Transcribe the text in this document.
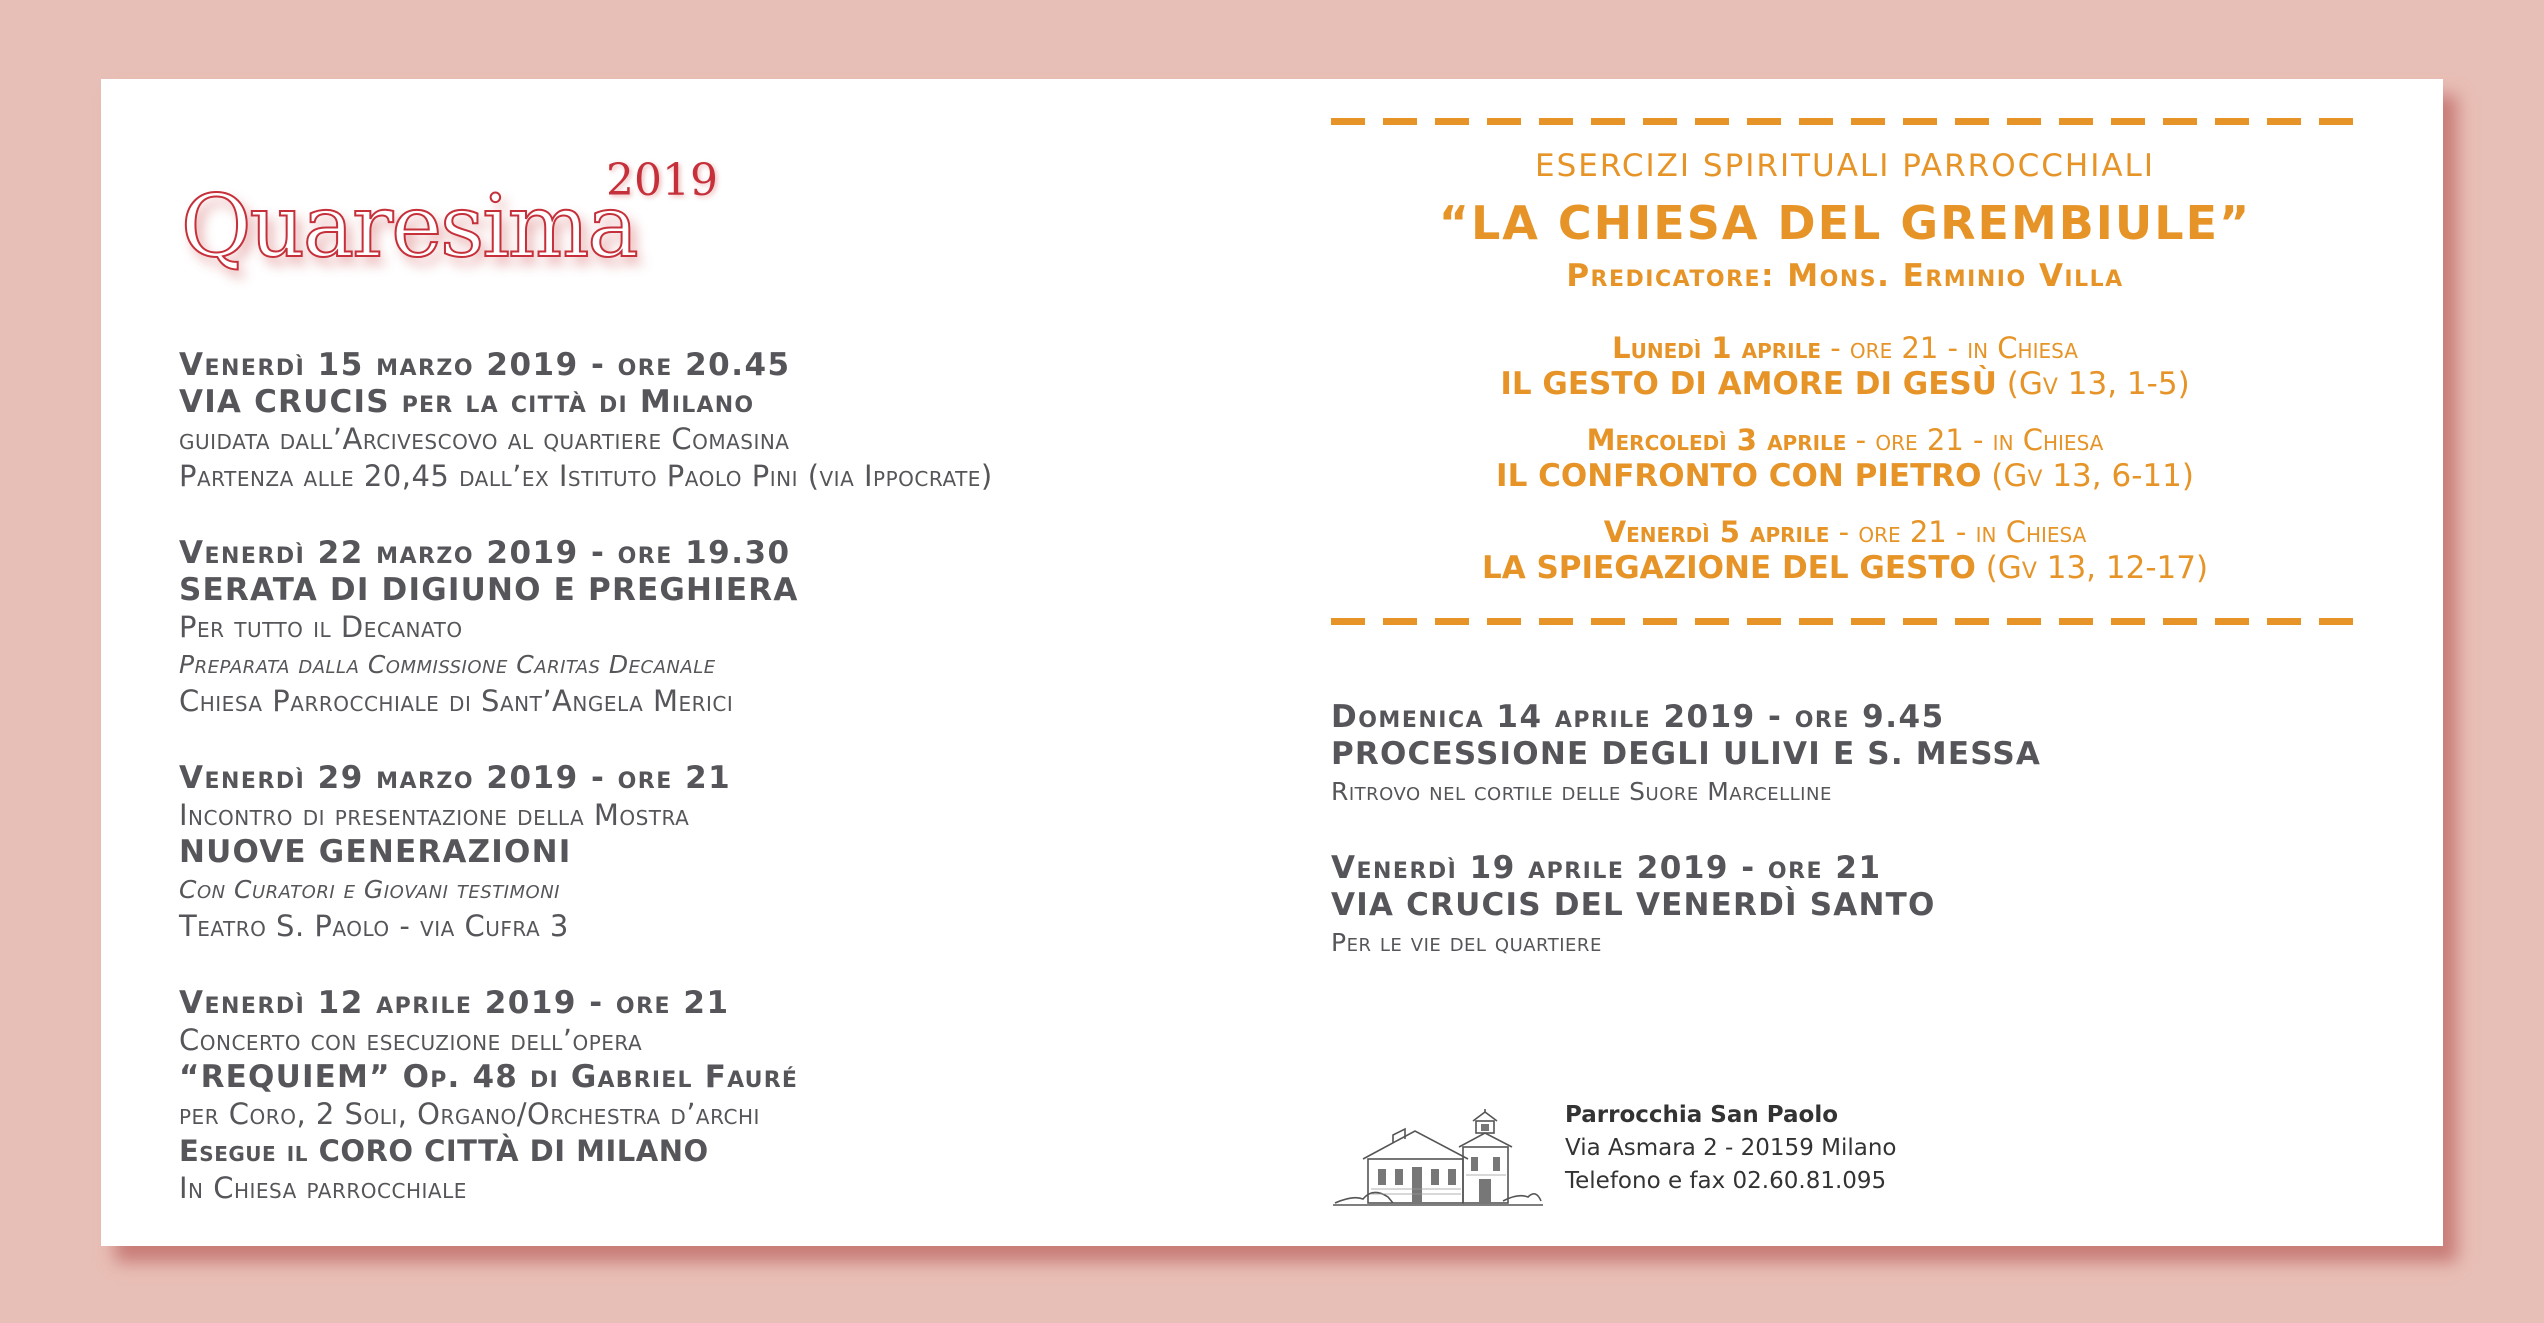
2019
Quaresima
Venerdì 15 marzo 2019 - ore 20.45
VIA CRUCIS per la città di Milano
guidata dall’Arcivescovo al quartiere Comasina
Partenza alle 20,45 dall’ex Istituto Paolo Pini (via Ippocrate)
Venerdì 22 marzo 2019 - ore 19.30
SERATA DI DIGIUNO E PREGHIERA
Per tutto il Decanato
Preparata dalla Commissione Caritas Decanale
Chiesa Parrocchiale di Sant’Angela Merici
Venerdì 29 marzo 2019 - ore 21
Incontro di presentazione della Mostra
NUOVE GENERAZIONI
Con Curatori e Giovani testimoni
Teatro S. Paolo - via Cufra 3
Venerdì 12 aprile 2019 - ore 21
Concerto con esecuzione dell’opera
“REQUIEM” Op. 48 di Gabriel Fauré
per Coro, 2 Soli, Organo/Orchestra d’archi
Esegue il CORO CITTÀ DI MILANO
In Chiesa parrocchiale
ESERCIZI SPIRITUALI PARROCCHIALI
“LA CHIESA DEL GREMBIULE”
Predicatore: Mons. Erminio Villa
Lunedì 1 aprile - ore 21 - in Chiesa
IL GESTO DI AMORE DI GESÙ (Gv 13, 1-5)
Mercoledì 3 aprile - ore 21 - in Chiesa
IL CONFRONTO CON PIETRO (Gv 13, 6-11)
Venerdì 5 aprile - ore 21 - in Chiesa
LA SPIEGAZIONE DEL GESTO (Gv 13, 12-17)
Domenica 14 aprile 2019 - ore 9.45
PROCESSIONE DEGLI ULIVI E S. MESSA
Ritrovo nel cortile delle Suore Marcelline
Venerdì 19 aprile 2019 - ore 21
VIA CRUCIS DEL VENERDÌ SANTO
Per le vie del quartiere
Parrocchia San Paolo
Via Asmara 2 - 20159 Milano
Telefono e fax 02.60.81.095
